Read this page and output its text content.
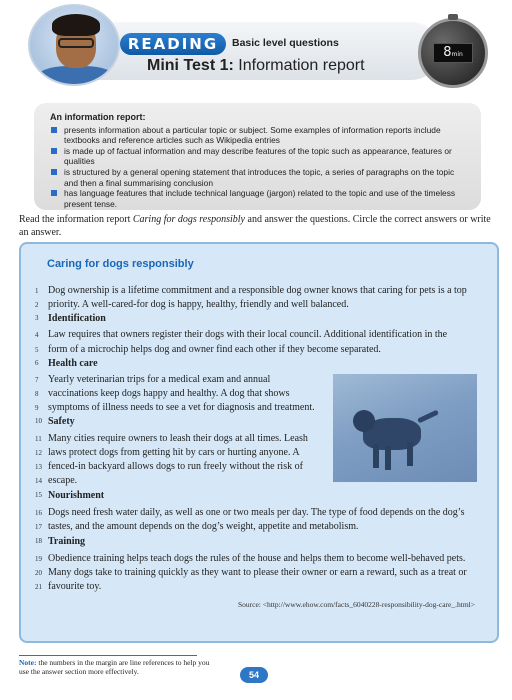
READING	Basic level questions
Mini Test 1: Information report
8min
An information report:
presents information about a particular topic or subject. Some examples of information reports include textbooks and reference articles such as Wikipedia entries
is made up of factual information and may describe features of the topic such as appearance, features or qualities
is structured by a general opening statement that introduces the topic, a series of paragraphs on the topic and then a final summarising conclusion
has language features that include technical language (jargon) related to the topic and use of the timeless present tense.
Read the information report Caring for dogs responsibly and answer the questions. Circle the correct answers or write an answer.
Caring for dogs responsibly
1 Dog ownership is a lifetime commitment and a responsible dog owner knows that caring for pets is a top
2 priority. A well-cared-for dog is happy, healthy, friendly and well balanced.
3 Identification
4 Law requires that owners register their dogs with their local council. Additional identification in the
5 form of a microchip helps dog and owner find each other if they become separated.
6 Health care
7 Yearly veterinarian trips for a medical exam and annual
8 vaccinations keep dogs happy and healthy. A dog that shows
9 symptoms of illness needs to see a vet for diagnosis and treatment.
10 Safety
11 Many cities require owners to leash their dogs at all times. Leash
12 laws protect dogs from getting hit by cars or hurting anyone. A
13 fenced-in backyard allows dogs to run freely without the risk of
14 escape.
15 Nourishment
16 Dogs need fresh water daily, as well as one or two meals per day. The type of food depends on the dog’s
17 tastes, and the amount depends on the dog’s weight, appetite and metabolism.
18 Training
19 Obedience training helps teach dogs the rules of the house and helps them to become well-behaved pets.
20 Many dogs take to training quickly as they want to please their owner or earn a reward, such as a treat or
21 favourite toy.
Source: <http://www.ehow.com/facts_6040228-responsibility-dog-care_.html>
Note: the numbers in the margin are line references to help you use the answer section more effectively.	54
